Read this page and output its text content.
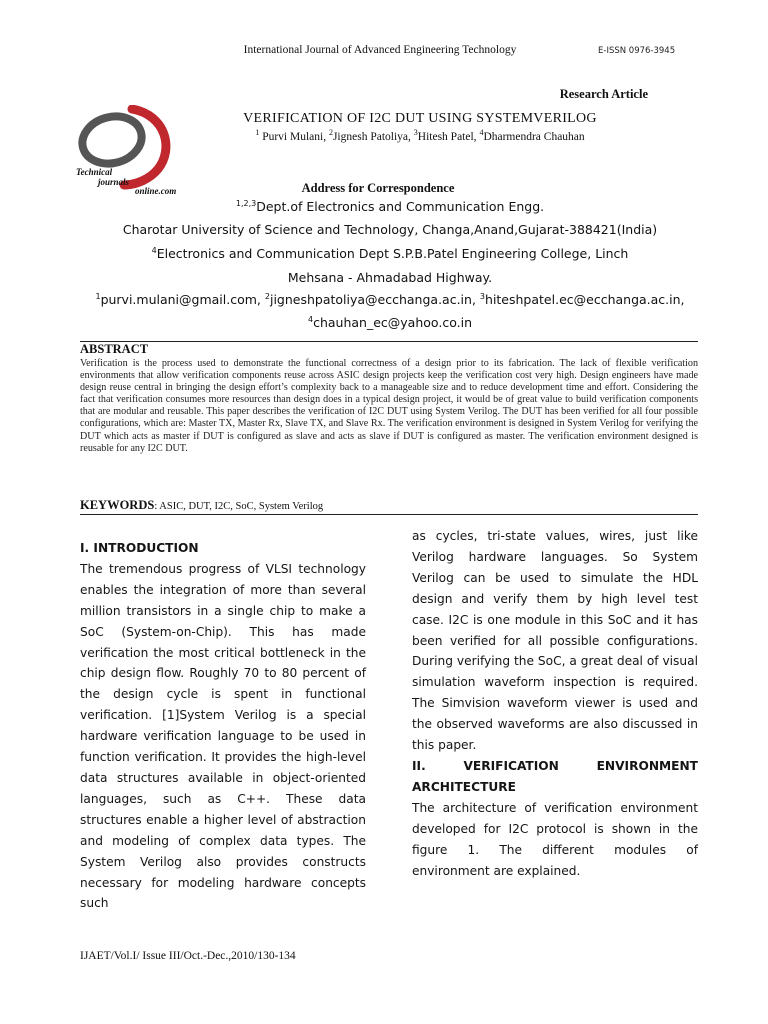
International Journal of Advanced Engineering Technology	E-ISSN 0976-3945
Research Article
Technical
journals
online.com
VERIFICATION OF I2C DUT USING SYSTEMVERILOG
$^1$ Purvi Mulani, $^2$Jignesh Patoliya, $^3$Hitesh Patel, $^4$Dharmendra Chauhan
Address for Correspondence
$^{1,2,3}$Dept.of Electronics and Communication Engg.
Charotar University of Science and Technology, Changa,Anand,Gujarat-388421(India)
$^4$Electronics and Communication Dept S.P.B.Patel Engineering College, Linch
Mehsana - Ahmadabad Highway.
$^1$purvi.mulani@gmail.com, $^2$jigneshpatoliya@ecchanga.ac.in, $^3$hiteshpatel.ec@ecchanga.ac.in,
$^4$chauhan_ec@yahoo.co.in
ABSTRACT
Verification is the process used to demonstrate the functional correctness of a design prior to its fabrication. The lack of flexible verification environments that allow verification components reuse across ASIC design projects keep the verification cost very high. Design engineers have made design reuse central in bringing the design effort’s complexity back to a manageable size and to reduce development time and effort. Considering the fact that verification consumes more resources than design does in a typical design project, it would be of great value to build verification components that are modular and reusable. This paper describes the verification of I2C DUT using System Verilog. The DUT has been verified for all four possible configurations, which are: Master TX, Master Rx, Slave TX, and Slave Rx. The verification environment is designed in System Verilog for verifying the DUT which acts as master if DUT is configured as slave and acts as slave if DUT is configured as master. The verification environment designed is reusable for any I2C DUT.
KEYWORDS: ASIC, DUT, I2C, SoC, System Verilog
I. INTRODUCTION

The tremendous progress of VLSI technology enables the integration of more than several million transistors in a single chip to make a SoC (System-on-Chip). This has made verification the most critical bottleneck in the chip design flow. Roughly 70 to 80 percent of the design cycle is spent in functional verification. [1]System Verilog is a special hardware verification language to be used in function verification. It provides the high-level data structures available in object-oriented languages, such as C++. These data structures enable a higher level of abstraction and modeling of complex data types. The System Verilog also provides constructs necessary for modeling hardware concepts such

as cycles, tri-state values, wires, just like Verilog hardware languages. So System Verilog can be used to simulate the HDL design and verify them by high level test case. I2C is one module in this SoC and it has been verified for all possible configurations. During verifying the SoC, a great deal of visual simulation waveform inspection is required. The Simvision waveform viewer is used and the observed waveforms are also discussed in this paper.

II. VERIFICATION ENVIRONMENT ARCHITECTURE

The architecture of verification environment developed for I2C protocol is shown in the figure 1. The different modules of environment are explained.

IJAET/Vol.I/ Issue III/Oct.-Dec.,2010/130-134
